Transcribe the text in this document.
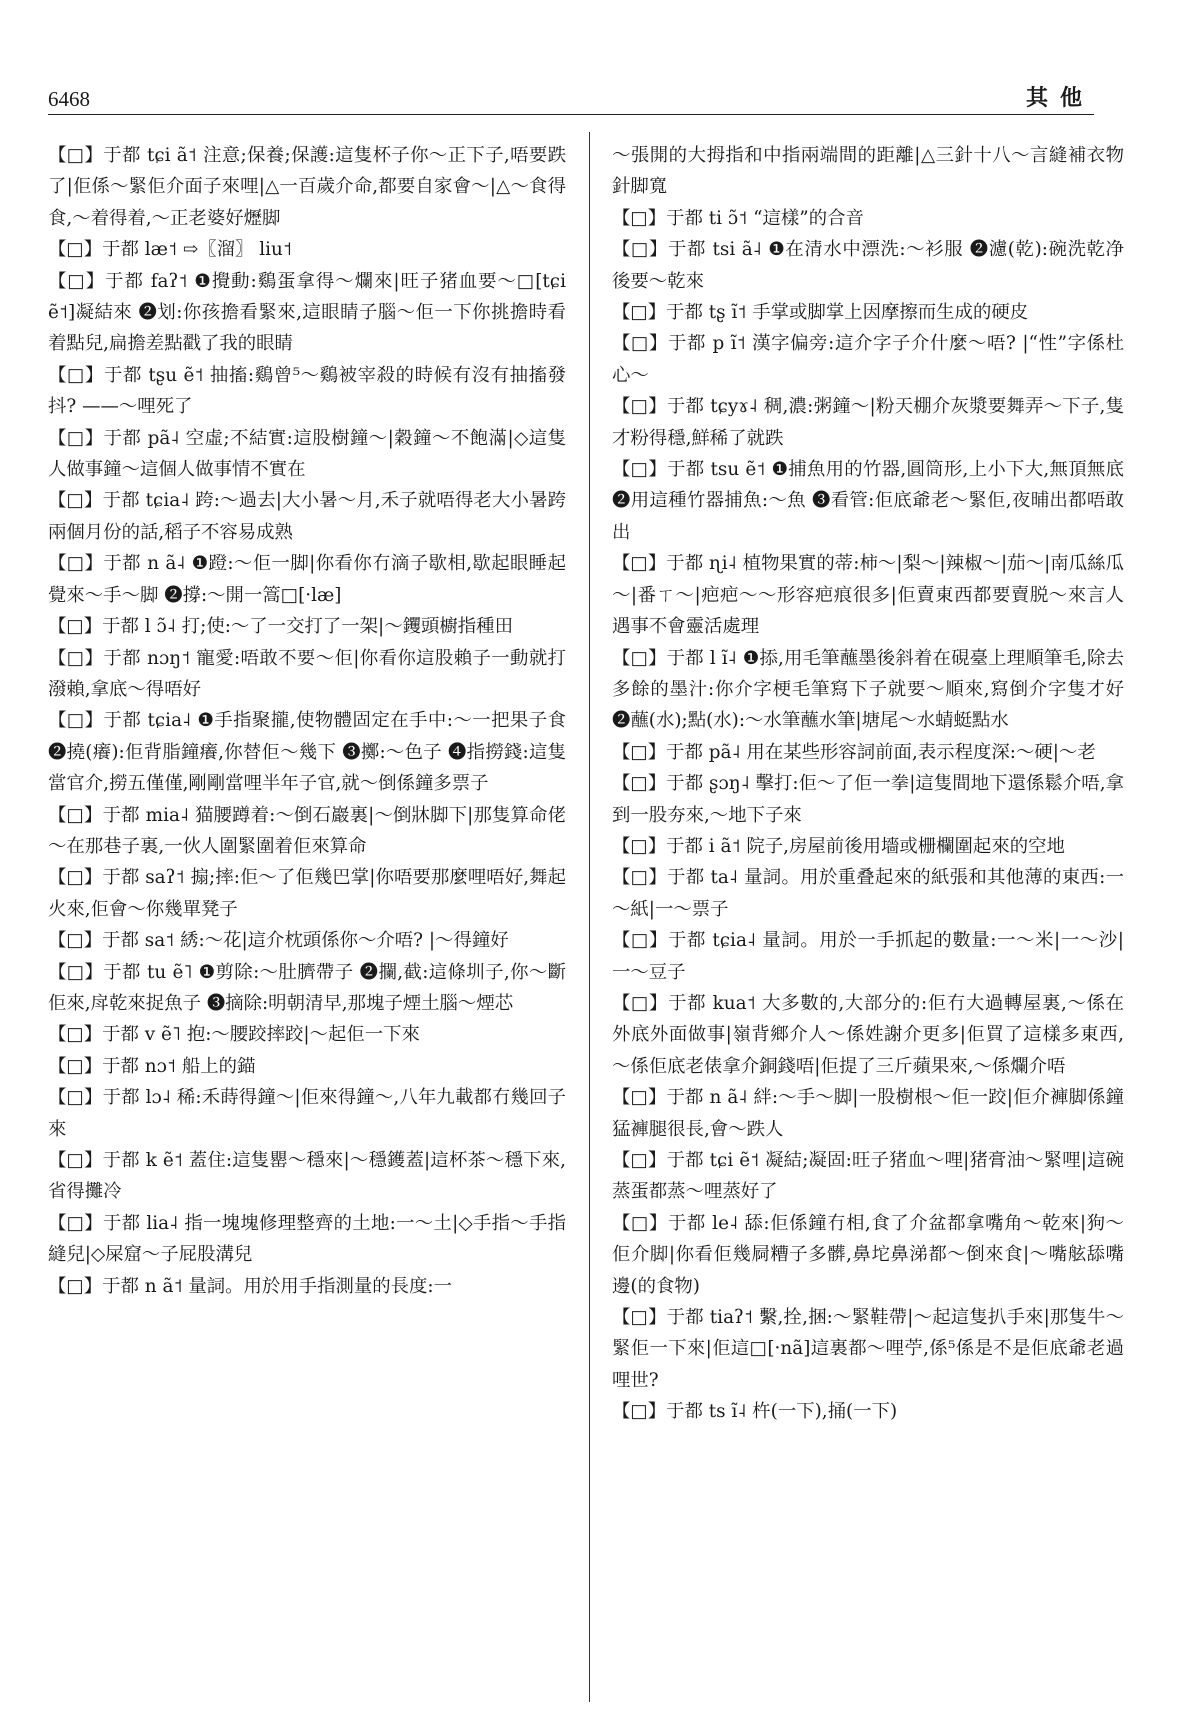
6468	其他

【□】于都 tɕi ã˦ 注意;保養;保護:這隻杯子你～正下子,唔要跌了|佢係～緊佢介面子來哩|△一百歲介命,都要自家會～|△～食得食,～着得着,～正老婆好爏脚

【□】于都 læ˦ ⇨〖溜〗 liu˦

【□】于都 faʔ˦ ❶攪動:鷄蛋拿得～爛來|旺子猪血要～□[tɕi ẽ˦]凝結來 ❷划:你孩擔看緊來,這眼睛子腦～佢一下你挑擔時看着點兒,扁擔差點戳了我的眼睛

【□】于都 tʂu ẽ˦ 抽搐:鷄曾⁵～鷄被宰殺的時候有沒有抽搐發抖? ——～哩死了

【□】于都 pã˨ 空虛;不結實:這股樹鐘～|穀鐘～不飽滿|◇這隻人做事鐘～這個人做事情不實在

【□】于都 tɕia˨ 跨:～過去|大小暑～月,禾子就唔得老大小暑跨兩個月份的話,稻子不容易成熟

【□】于都 n ã˨ ❶蹬:～佢一脚|你看你冇滴子歇相,歇起眼睡起覺來～手～脚 ❷撐:～開一篙□[·læ]

【□】于都 l ɔ̃˨ 打;使:～了一交打了一架|～钁頭櫥指種田

【□】于都 nɔŋ˦ 寵愛:唔敢不要～佢|你看你這股賴子一動就打潑賴,拿底～得唔好

【□】于都 tɕia˨ ❶手指聚攏,使物體固定在手中:～一把果子食 ❷撓(癢):佢背脂鐘癢,你替佢～幾下 ❸擲:～色子 ❹指撈錢:這隻當官介,撈五僅僅,剛剛當哩半年子官,就～倒係鐘多票子

【□】于都 mia˨ 猫腰蹲着:～倒石巖裏|～倒牀脚下|那隻算命佬～在那巷子裏,一伙人圍緊圍着佢來算命

【□】于都 saʔ˦ 搧;摔:佢～了佢幾巴掌|你唔要那麼哩唔好,舞起火來,佢會～你幾單凳子

【□】于都 sa˦ 綉:～花|這介枕頭係你～介唔? |～得鐘好

【□】于都 tu ẽ˥ ❶剪除:～肚臍帶子 ❷攔,截:這條圳子,你～斷佢來,戽乾來捉魚子 ❸摘除:明朝清早,那塊子煙土腦～煙芯

【□】于都 v ẽ˥ 抱:～腰跤摔跤|～起佢一下來

【□】于都 nɔ˦ 船上的錨

【□】于都 lɔ˨ 稀:禾蒔得鐘～|佢來得鐘～,八年九載都冇幾回子來

【□】于都 k ẽ˦ 蓋住:這隻罌～穩來|～穩鑊蓋|這杯茶～穩下來,省得攤冷

【□】于都 lia˨ 指一塊塊修理整齊的土地:一～土|◇手指～手指縫兒|◇屎窟～子屁股溝兒

【□】于都 n ã˦ 量詞。用於用手指測量的長度:一

～張開的大拇指和中指兩端間的距離|△三針十八～言縫補衣物針脚寬

【□】于都 ti ɔ̃˦ “這樣”的合音

【□】于都 tsi ã˨ ❶在清水中漂洗:～衫服 ❷濾(乾):碗洗乾净後要～乾來

【□】于都 tʂ ĩ˦ 手掌或脚掌上因摩擦而生成的硬皮

【□】于都 p ĩ˦ 漢字偏旁:這介字子介什麼～唔? |“性”字係杜心～

【□】于都 tɕyɤ˨ 稠,濃:粥鐘～|粉天棚介灰漿要舞弄～下子,隻才粉得穩,鮮稀了就跌

【□】于都 tsu ẽ˦ ❶捕魚用的竹器,圓筒形,上小下大,無頂無底 ❷用這種竹器捕魚:～魚 ❸看管:佢底爺老～緊佢,夜晡出都唔敢出

【□】于都 ɳi˨ 植物果實的蒂:柿～|梨～|辣椒～|茄～|南瓜絲瓜～|番ㄒ～|疤疤～～形容疤痕很多|佢賣東西都要賣脱～來言人遇事不會靈活處理

【□】于都 l ĩ˨ ❶掭,用毛筆蘸墨後斜着在硯臺上理順筆毛,除去多餘的墨汁:你介字梗毛筆寫下子就要～順來,寫倒介字隻才好 ❷蘸(水);點(水):～水筆蘸水筆|塘尾～水蜻蜓點水

【□】于都 pã˨ 用在某些形容詞前面,表示程度深:～硬|～老

【□】于都 ʂɔŋ˨ 擊打:佢～了佢一拳|這隻間地下還係鬆介唔,拿到一股夯來,～地下子來

【□】于都 i ã˦ 院子,房屋前後用墻或栅欄圍起來的空地

【□】于都 ta˨ 量詞。用於重叠起來的紙張和其他薄的東西:一～紙|一～票子

【□】于都 tɕia˨ 量詞。用於一手抓起的數量:一～米|一～沙|一～豆子

【□】于都 kua˦ 大多數的,大部分的:佢冇大過轉屋裏,～係在外底外面做事|嶺背鄉介人～係姓謝介更多|佢買了這樣多東西,～係佢底老俵拿介銅錢唔|佢提了三斤蘋果來,～係爛介唔

【□】于都 n ã˨ 絆:～手～脚|一股樹根～佢一跤|佢介褲脚係鐘猛褲腿很長,會～跌人

【□】于都 tɕi ẽ˦ 凝結;凝固:旺子猪血～哩|猪膏油～緊哩|這碗蒸蛋都蒸～哩蒸好了

【□】于都 le˨ 舔:佢係鐘冇相,食了介盆都拿嘴角～乾來|狗～佢介脚|你看佢幾屙糟子多髒,鼻坨鼻涕都～倒來食|～嘴舷舔嘴邊(的食物)

【□】于都 tiaʔ˦ 繫,拴,捆:～緊鞋帶|～起這隻扒手來|那隻牛～緊佢一下來|佢這□[·nã]這裏都～哩苧,係⁵係是不是佢底爺老過哩世?

【□】于都 ts ĩ˨ 杵(一下),捅(一下)
